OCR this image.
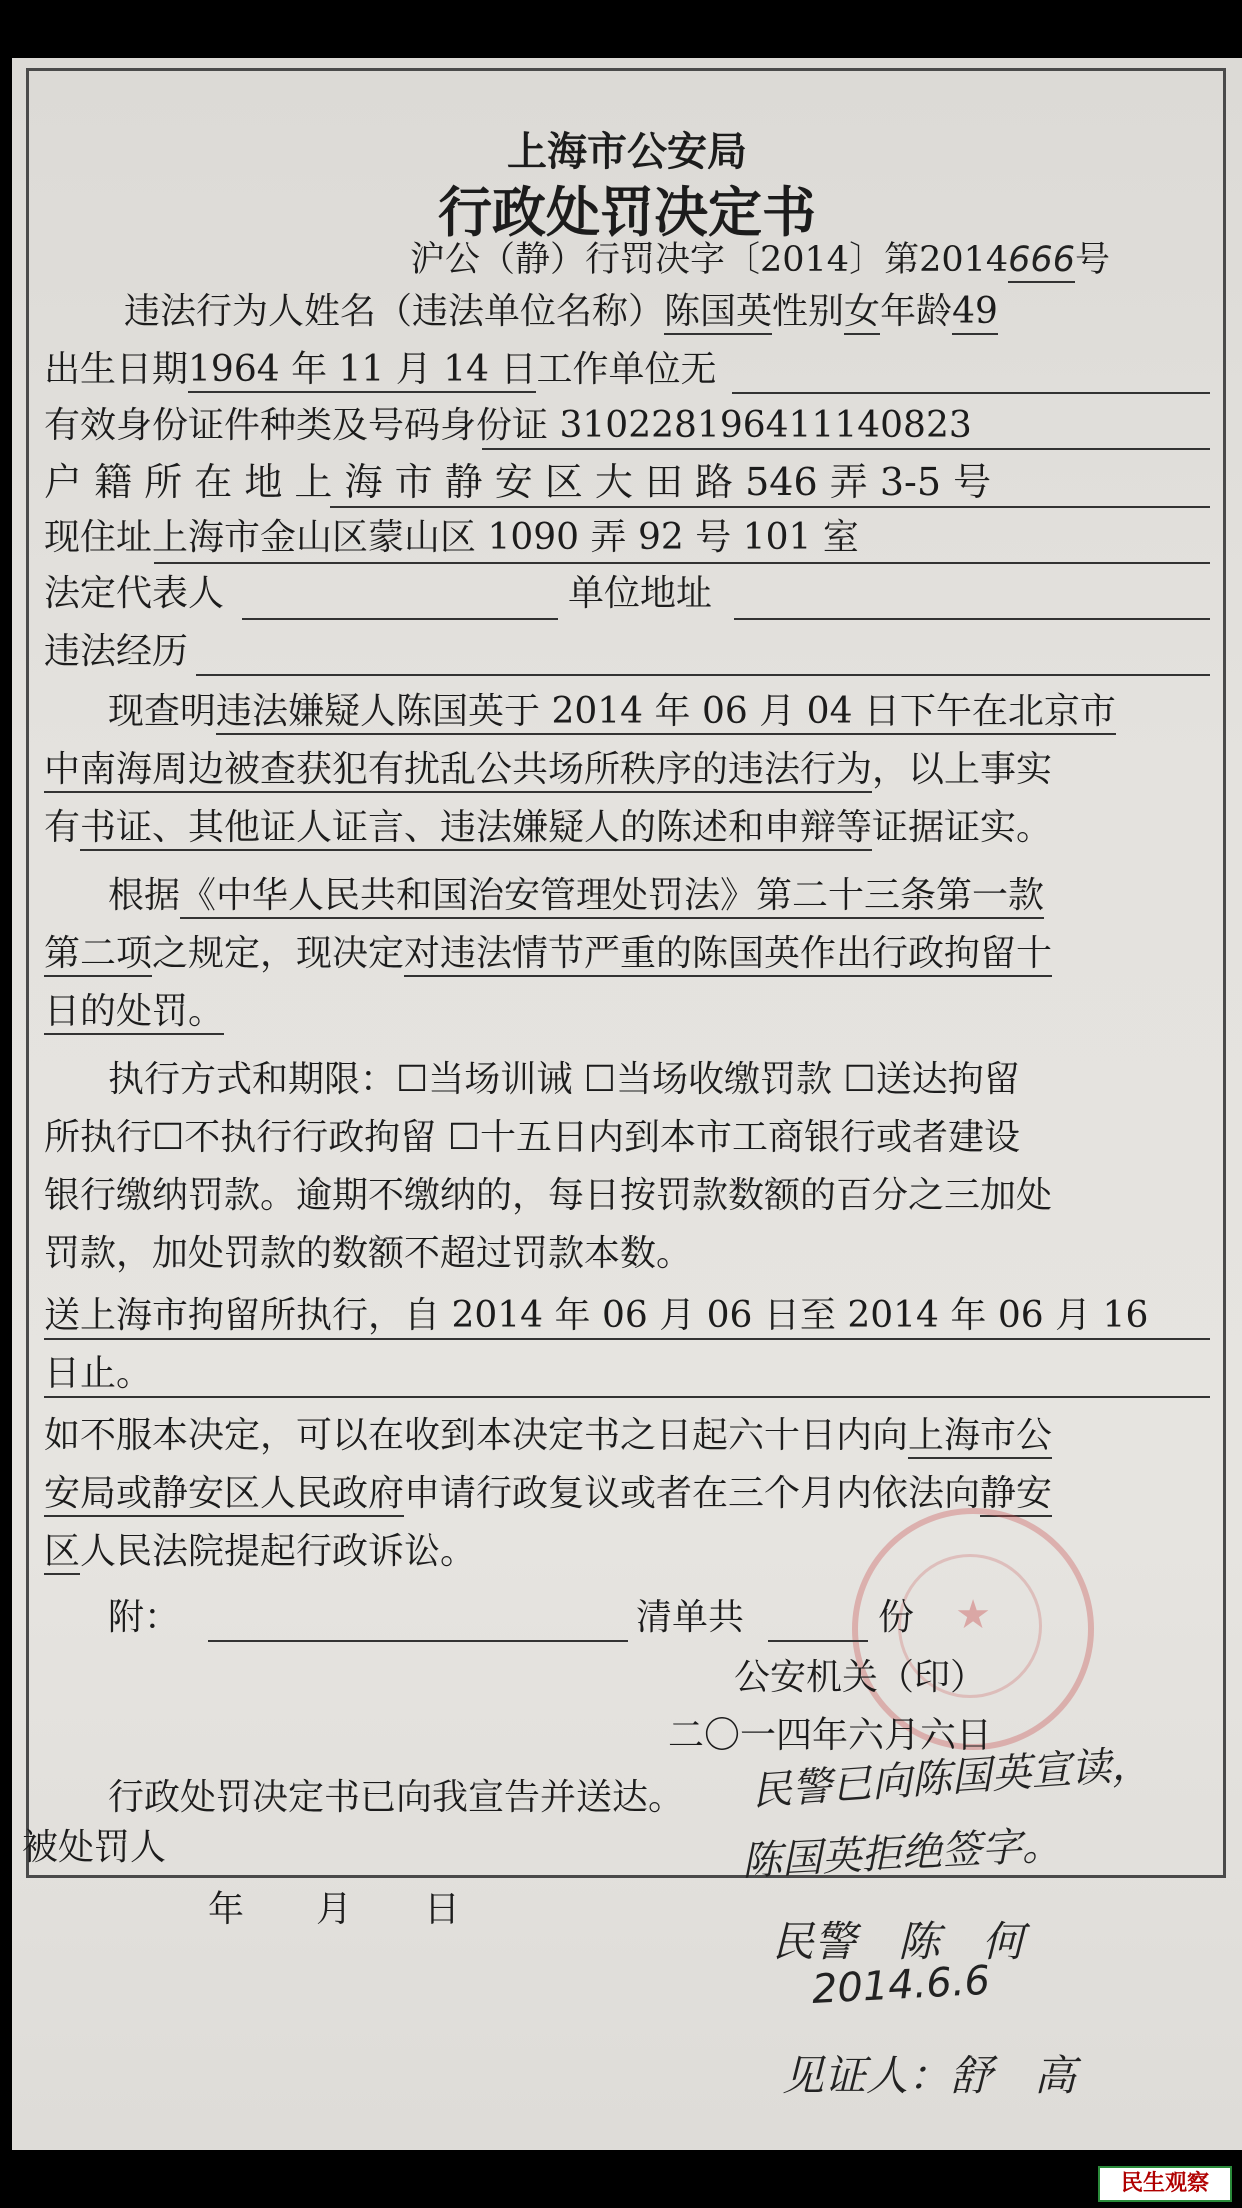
上海市公安局
行政处罚决定书
沪公（静）行罚决字〔2014〕第2014666号
违法行为人姓名（违法单位名称）陈国英性别女年龄49
出生日期1964 年 11 月 14 日工作单位无
有效身份证件种类及号码身份证 310228196411140823
户 籍 所 在 地 上 海 市 静 安 区 大 田 路 546 弄 3-5 号
现住址上海市金山区蒙山区 1090 弄 92 号 101 室
法定代表人	单位地址
违法经历
现查明违法嫌疑人陈国英于 2014 年 06 月 04 日下午在北京市
中南海周边被查获犯有扰乱公共场所秩序的违法行为，以上事实
有书证、其他证人证言、违法嫌疑人的陈述和申辩等证据证实。
根据《中华人民共和国治安管理处罚法》第二十三条第一款
第二项之规定，现决定对违法情节严重的陈国英作出行政拘留十
日的处罚。
执行方式和期限：☐当场训诫 ☐当场收缴罚款 ☐送达拘留
所执行☐不执行行政拘留 ☐十五日内到本市工商银行或者建设
银行缴纳罚款。逾期不缴纳的，每日按罚款数额的百分之三加处
罚款，加处罚款的数额不超过罚款本数。
送上海市拘留所执行，自 2014 年 06 月 06 日至 2014 年 06 月 16
日止。
如不服本决定，可以在收到本决定书之日起六十日内向上海市公
安局或静安区人民政府申请行政复议或者在三个月内依法向静安
区人民法院提起行政诉讼。
★
附：	清单共	份
公安机关（印）
二〇一四年六月六日
行政处罚决定书已向我宣告并送达。
被处罚人
年　　月　　日
民警已向陈国英宣读，
陈国英拒绝签字。
民警　陈　何
2014.6.6
见证人：舒　高
民生观察
